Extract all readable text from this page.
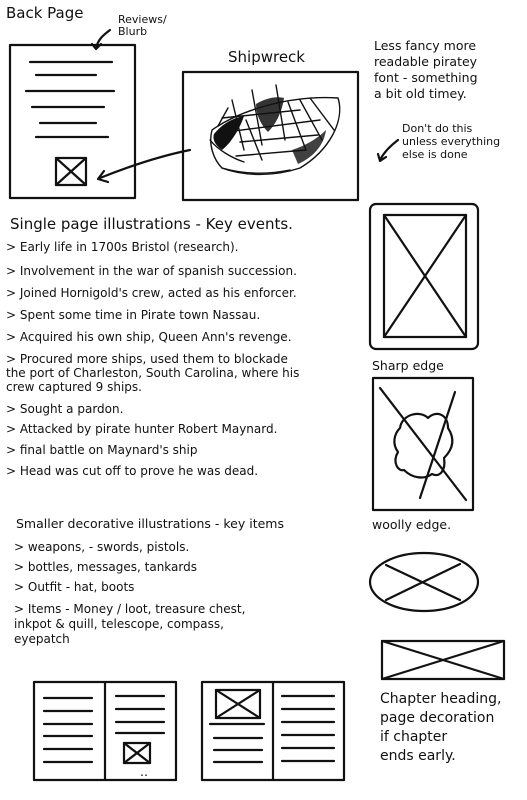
Back Page	Reviews/
Blurb
Shipwreck
Less fancy more
readable piratey
font - something
a bit old timey.
Don't do this
unless everything
else is done
Single page illustrations - Key events.

> Early life in 1700s Bristol (research).

> Involvement in the war of spanish succession.

> Joined Hornigold's crew, acted as his enforcer.

> Spent some time in Pirate town Nassau.

> Acquired his own ship, Queen Ann's revenge.

> Procured more ships, used them to blockade
the port of Charleston, South Carolina, where his
crew captured 9 ships.

> Sought a pardon.

> Attacked by pirate hunter Robert Maynard.

> final battle on Maynard's ship

> Head was cut off to prove he was dead.

Sharp edge
woolly edge.
Smaller decorative illustrations - key items

> weapons, - swords, pistols.

> bottles, messages, tankards

> Outfit - hat, boots

> Items - Money / loot, treasure chest,
inkpot & quill, telescope, compass,
eyepatch

Chapter heading,
page decoration
if chapter
ends early.
..
